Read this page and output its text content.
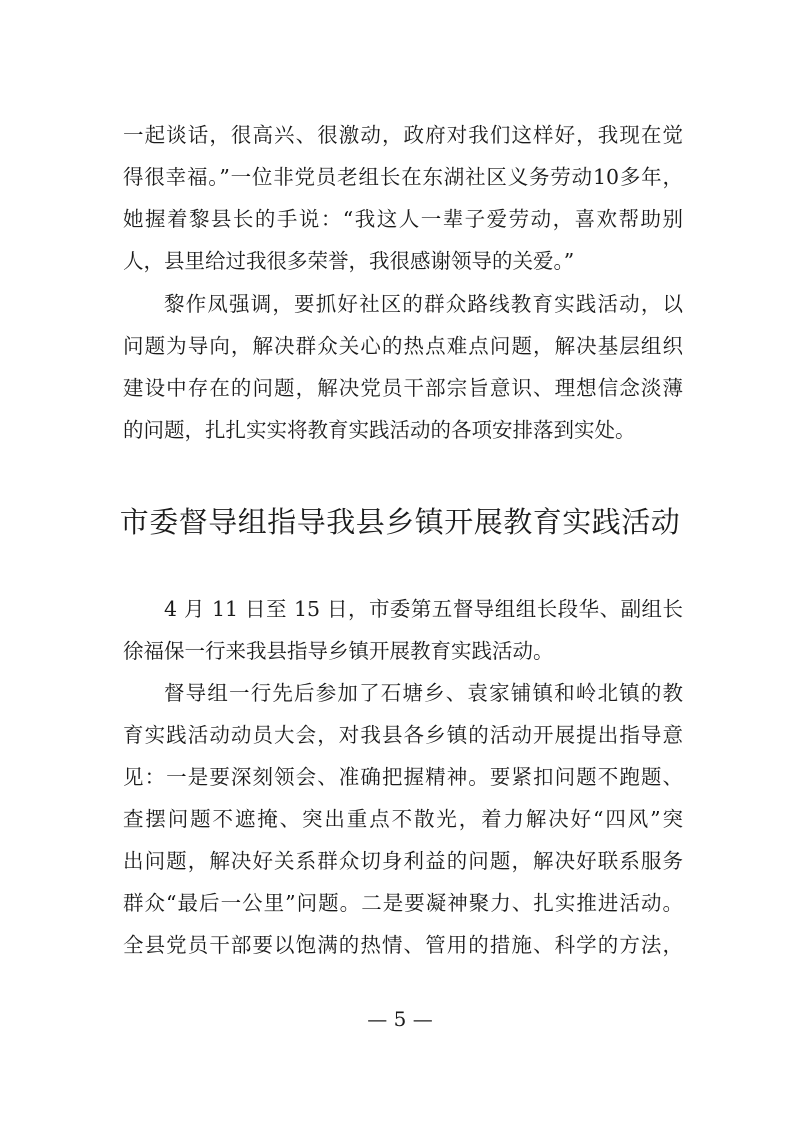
一起谈话，很高兴、很激动，政府对我们这样好，我现在觉
得很幸福。”一位非党员老组长在东湖社区义务劳动10多年，
她握着黎县长的手说：“我这人一辈子爱劳动，喜欢帮助别
人，县里给过我很多荣誉，我很感谢领导的关爱。”
黎作凤强调，要抓好社区的群众路线教育实践活动，以
问题为导向，解决群众关心的热点难点问题，解决基层组织
建设中存在的问题，解决党员干部宗旨意识、理想信念淡薄
的问题，扎扎实实将教育实践活动的各项安排落到实处。
市委督导组指导我县乡镇开展教育实践活动
4 月 11 日至 15 日，市委第五督导组组长段华、副组长
徐福保一行来我县指导乡镇开展教育实践活动。
督导组一行先后参加了石塘乡、袁家铺镇和岭北镇的教
育实践活动动员大会，对我县各乡镇的活动开展提出指导意
见：一是要深刻领会、准确把握精神。要紧扣问题不跑题、
查摆问题不遮掩、突出重点不散光，着力解决好“四风”突
出问题，解决好关系群众切身利益的问题，解决好联系服务
群众“最后一公里”问题。二是要凝神聚力、扎实推进活动。
全县党员干部要以饱满的热情、管用的措施、科学的方法，
— 5 —
